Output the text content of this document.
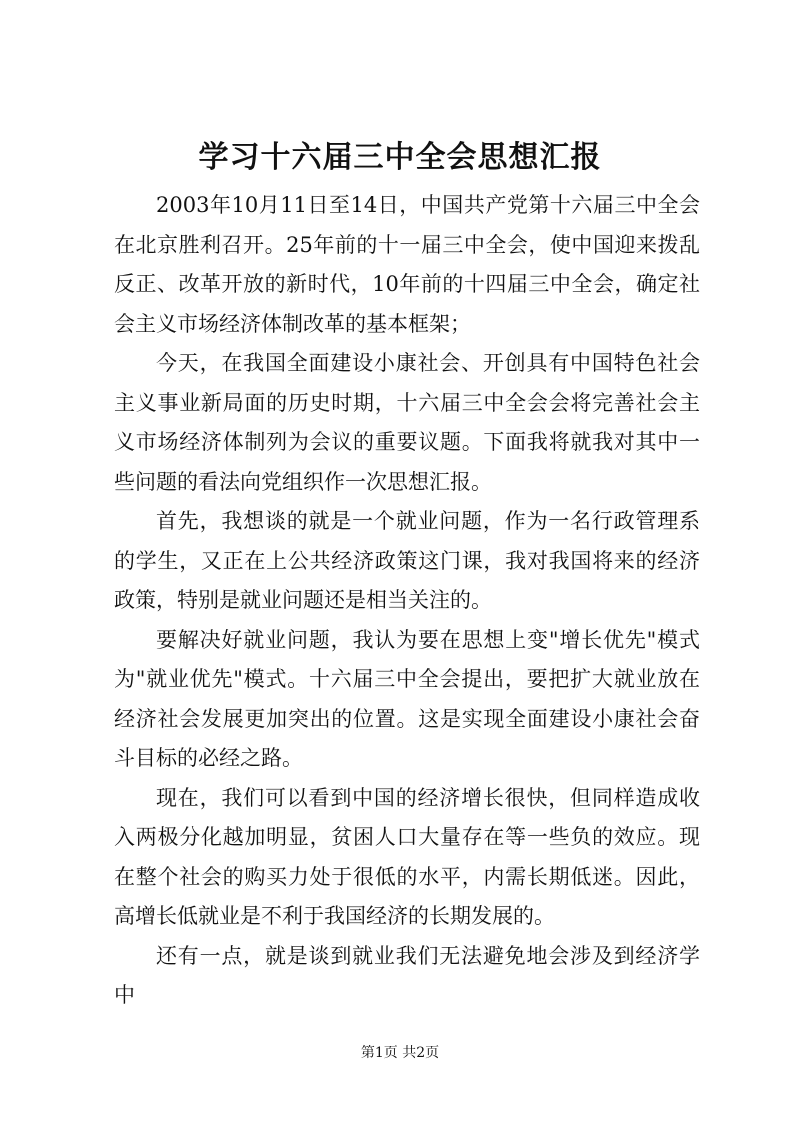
学习十六届三中全会思想汇报

2003年10月11日至14日，中国共产党第十六届三中全会在北京胜利召开。25年前的十一届三中全会，使中国迎来拨乱反正、改革开放的新时代，10年前的十四届三中全会，确定社会主义市场经济体制改革的基本框架；

今天，在我国全面建设小康社会、开创具有中国特色社会主义事业新局面的历史时期，十六届三中全会会将完善社会主义市场经济体制列为会议的重要议题。下面我将就我对其中一些问题的看法向党组织作一次思想汇报。

首先，我想谈的就是一个就业问题，作为一名行政管理系的学生，又正在上公共经济政策这门课，我对我国将来的经济政策，特别是就业问题还是相当关注的。

要解决好就业问题，我认为要在思想上变"增长优先"模式为"就业优先"模式。十六届三中全会提出，要把扩大就业放在经济社会发展更加突出的位置。这是实现全面建设小康社会奋斗目标的必经之路。

现在，我们可以看到中国的经济增长很快，但同样造成收入两极分化越加明显，贫困人口大量存在等一些负的效应。现在整个社会的购买力处于很低的水平，内需长期低迷。因此，高增长低就业是不利于我国经济的长期发展的。

还有一点，就是谈到就业我们无法避免地会涉及到经济学中

第1页 共2页
